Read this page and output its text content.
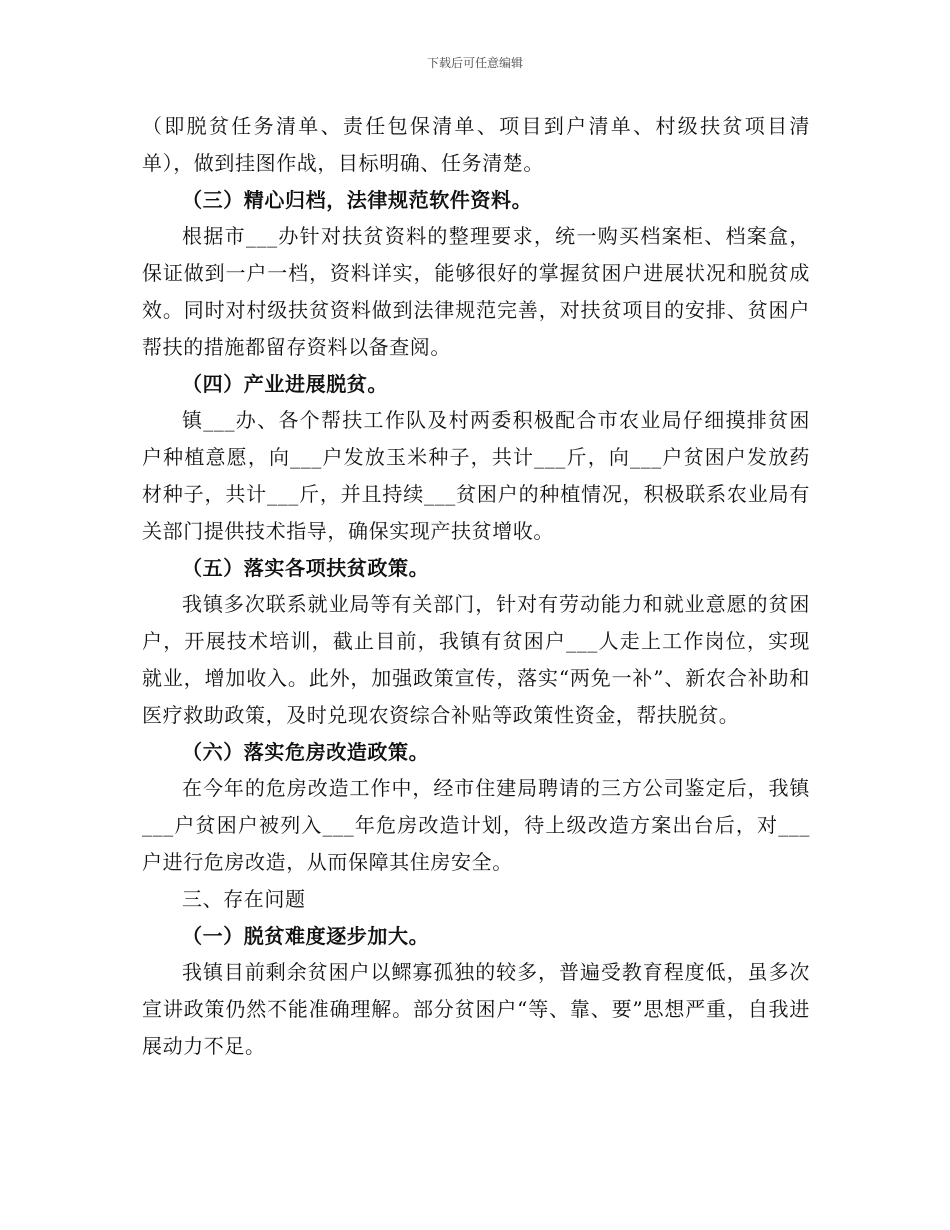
下载后可任意编辑

（即脱贫任务清单、责任包保清单、项目到户清单、村级扶贫项目清单），做到挂图作战，目标明确、任务清楚。

（三）精心归档，法律规范软件资料。

根据市___办针对扶贫资料的整理要求，统一购买档案柜、档案盒，保证做到一户一档，资料详实，能够很好的掌握贫困户进展状况和脱贫成效。同时对村级扶贫资料做到法律规范完善，对扶贫项目的安排、贫困户帮扶的措施都留存资料以备查阅。

（四）产业进展脱贫。

镇___办、各个帮扶工作队及村两委积极配合市农业局仔细摸排贫困户种植意愿，向___户发放玉米种子，共计___斤，向___户贫困户发放药材种子，共计___斤，并且持续___贫困户的种植情况，积极联系农业局有关部门提供技术指导，确保实现产扶贫增收。

（五）落实各项扶贫政策。

我镇多次联系就业局等有关部门，针对有劳动能力和就业意愿的贫困户，开展技术培训，截止目前，我镇有贫困户___人走上工作岗位，实现就业，增加收入。此外，加强政策宣传，落实“两免一补”、新农合补助和医疗救助政策，及时兑现农资综合补贴等政策性资金，帮扶脱贫。

（六）落实危房改造政策。

在今年的危房改造工作中，经市住建局聘请的三方公司鉴定后，我镇___户贫困户被列入___年危房改造计划，待上级改造方案出台后，对___户进行危房改造，从而保障其住房安全。

三、存在问题

（一）脱贫难度逐步加大。

我镇目前剩余贫困户以鳏寡孤独的较多，普遍受教育程度低，虽多次宣讲政策仍然不能准确理解。部分贫困户“等、靠、要”思想严重，自我进展动力不足。
